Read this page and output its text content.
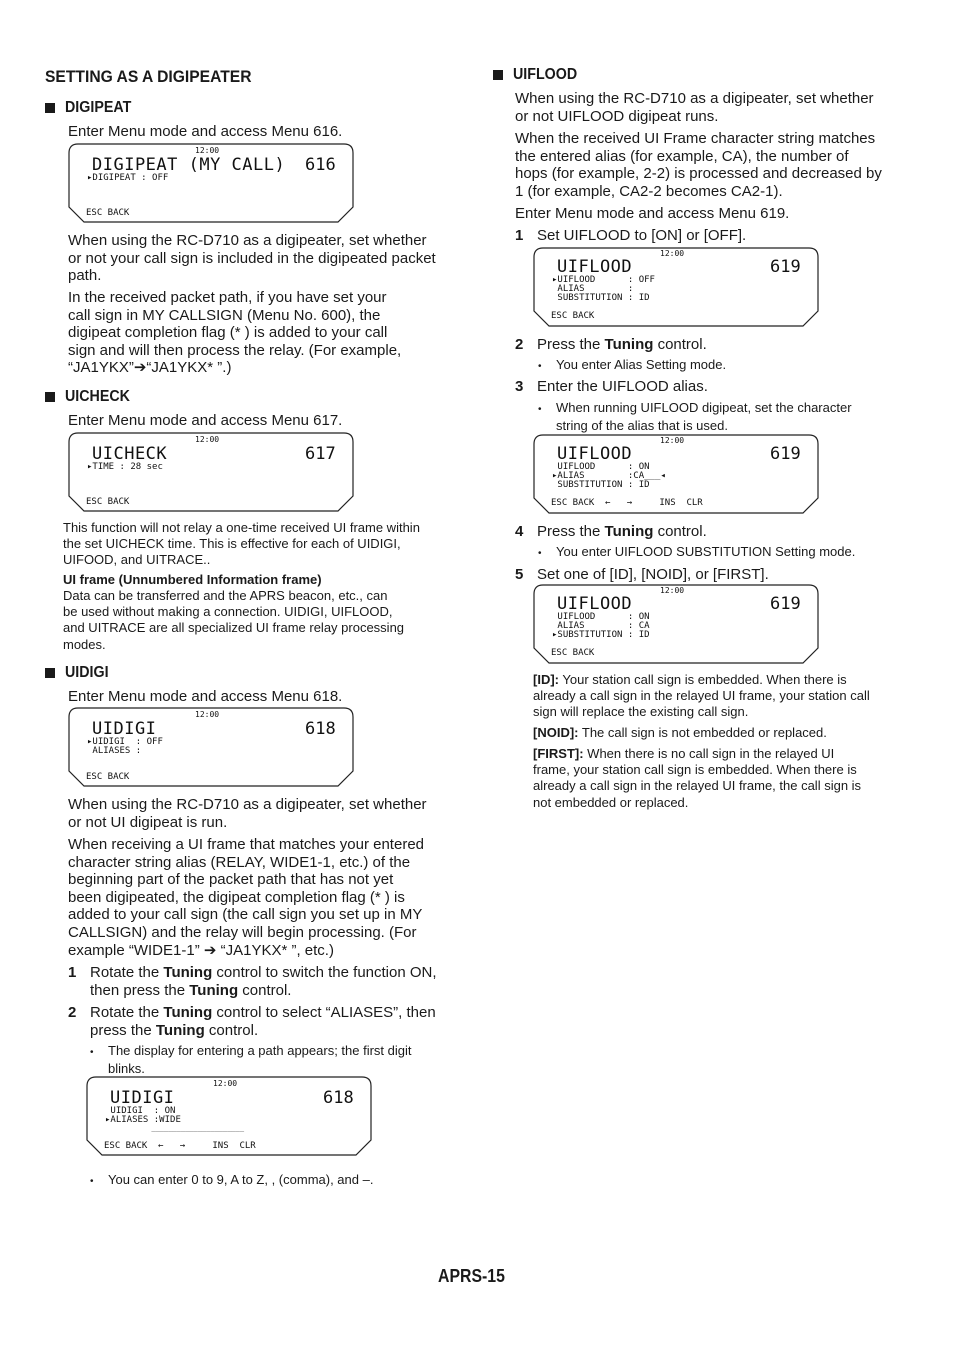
SETTING AS A DIGIPEATER
DIGIPEAT
Enter Menu mode and access Menu 616.
12:00
DIGIPEAT (MY CALL) 616
▸DIGIPEAT : OFF
ESC BACK
When using the RC-D710 as a digipeater, set whether
or not your call sign is included in the digipeated packet
path.
In the received packet path, if you have set your
call sign in MY CALLSIGN (Menu No. 600), the
digipeat completion flag (* ) is added to your call
sign and will then process the relay. (For example,
“JA1YKX”➔“JA1YKX* ”.)
UICHECK
Enter Menu mode and access Menu 617.
12:00
UICHECK	617
▸TIME : 28 sec
ESC BACK
This function will not relay a one-time received UI frame within
the set UICHECK time. This is effective for each of UIDIGI,
UIFOOD, and UITRACE..
UI frame (Unnumbered Information frame)
Data can be transferred and the APRS beacon, etc., can
be used without making a connection. UIDIGI, UIFLOOD,
and UITRACE are all specialized UI frame relay processing
modes.
UIDIGI
Enter Menu mode and access Menu 618.
12:00
UIDIGI	618
▸UIDIGI  : OFF
ALIASES :
ESC BACK
When using the RC-D710 as a digipeater, set whether
or not UI digipeat is run.
When receiving a UI frame that matches your entered
character string alias (RELAY, WIDE1-1, etc.) of the
beginning part of the packet path that has not yet
been digipeated, the digipeat completion flag (* ) is
added to your call sign (the call sign you set up in MY
CALLSIGN) and the relay will begin processing. (For
example “WIDE1-1” ➔ “JA1YKX* ”, etc.)
1 Rotate the Tuning control to switch the function ON,
then press the Tuning control.
2 Rotate the Tuning control to select “ALIASES”, then
press the Tuning control.
• The display for entering a path appears; the first digit
blinks.
12:00
UIDIGI	618
UIDIGI  : ON
▸ALIASES :WIDE
______________________
ESC BACK  ←   →     INS  CLR
• You can enter 0 to 9, A to Z, , (comma), and –.
UIFLOOD
When using the RC-D710 as a digipeater, set whether
or not UIFLOOD digipeat runs.
When the received UI Frame character string matches
the entered alias (for example, CA), the number of
hops (for example, 2-2) is processed and decreased by
1 (for example, CA2-2 becomes CA2-1).
Enter Menu mode and access Menu 619.
1 Set UIFLOOD to [ON] or [OFF].
12:00
UIFLOOD	619
▸UIFLOOD      : OFF
ALIAS        :
SUBSTITUTION : ID
ESC BACK
2 Press the Tuning control.
• You enter Alias Setting mode.
3 Enter the UIFLOOD alias.
• When running UIFLOOD digipeat, set the character
string of the alias that is used.
12:00
UIFLOOD	619
UIFLOOD      : ON
▸ALIAS        :CA___◂
SUBSTITUTION : ID
ESC BACK  ←   →     INS  CLR
4 Press the Tuning control.
• You enter UIFLOOD SUBSTITUTION Setting mode.
5 Set one of [ID], [NOID], or [FIRST].
12:00
UIFLOOD	619
UIFLOOD      : ON
ALIAS        : CA
▸SUBSTITUTION : ID
ESC BACK
[ID]: Your station call sign is embedded. When there is
already a call sign in the relayed UI frame, your station call
sign will replace the existing call sign.
[NOID]: The call sign is not embedded or replaced.
[FIRST]: When there is no call sign in the relayed UI
frame, your station call sign is embedded. When there is
already a call sign in the relayed UI frame, the call sign is
not embedded or replaced.
APRS-15
